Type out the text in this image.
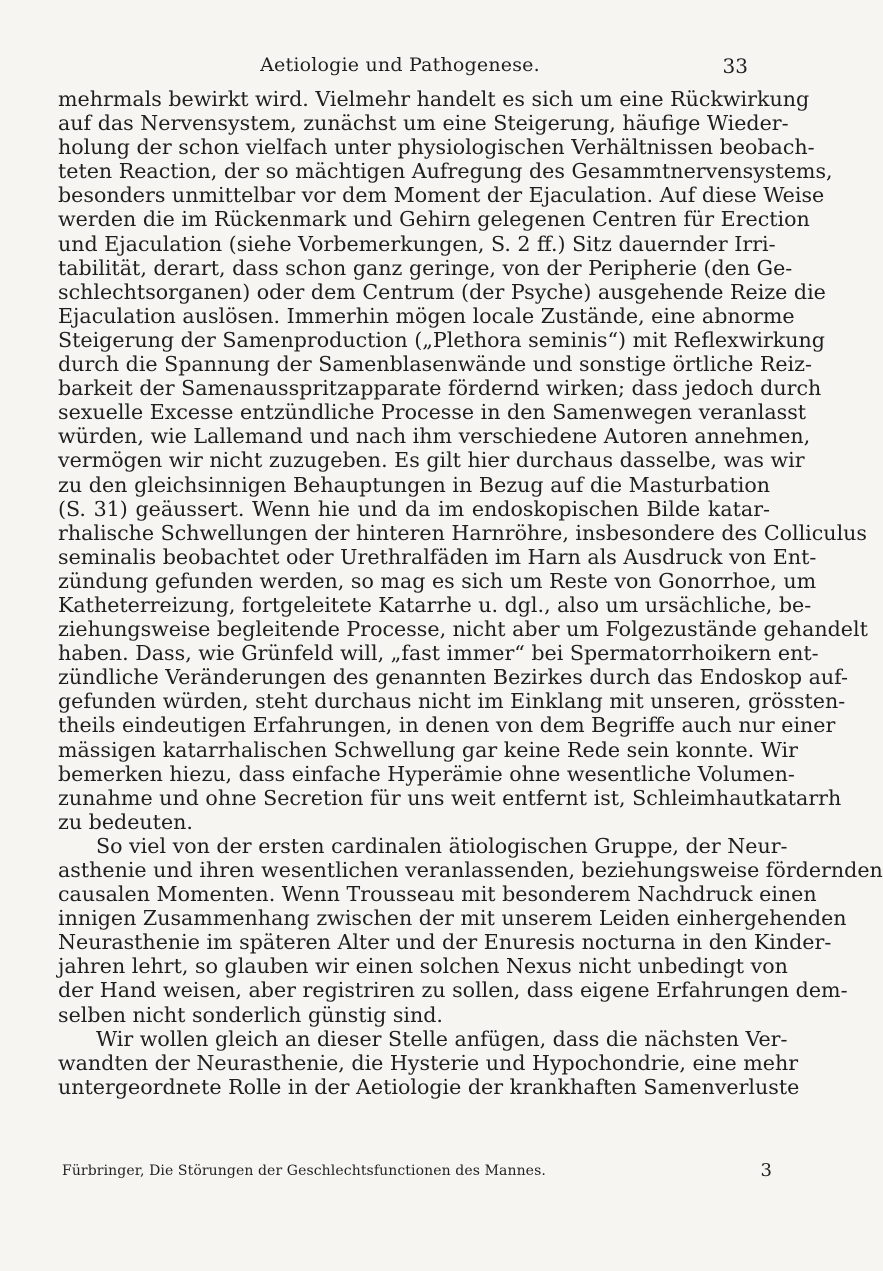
Aetiologie und Pathogenese.	33
mehrmals bewirkt wird. Vielmehr handelt es sich um eine Rückwirkung
auf das Nervensystem, zunächst um eine Steigerung, häufige Wieder-
holung der schon vielfach unter physiologischen Verhältnissen beobach-
teten Reaction, der so mächtigen Aufregung des Gesammtnervensystems,
besonders unmittelbar vor dem Moment der Ejaculation. Auf diese Weise
werden die im Rückenmark und Gehirn gelegenen Centren für Erection
und Ejaculation (siehe Vorbemerkungen, S. 2 ff.) Sitz dauernder Irri-
tabilität, derart, dass schon ganz geringe, von der Peripherie (den Ge-
schlechtsorganen) oder dem Centrum (der Psyche) ausgehende Reize die
Ejaculation auslösen. Immerhin mögen locale Zustände, eine abnorme
Steigerung der Samenproduction („Plethora seminis“) mit Reflexwirkung
durch die Spannung der Samenblasenwände und sonstige örtliche Reiz-
barkeit der Samenausspritzapparate fördernd wirken; dass jedoch durch
sexuelle Excesse entzündliche Processe in den Samenwegen veranlasst
würden, wie Lallemand und nach ihm verschiedene Autoren annehmen,
vermögen wir nicht zuzugeben. Es gilt hier durchaus dasselbe, was wir
zu den gleichsinnigen Behauptungen in Bezug auf die Masturbation
(S. 31) geäussert. Wenn hie und da im endoskopischen Bilde katar-
rhalische Schwellungen der hinteren Harnröhre, insbesondere des Colliculus
seminalis beobachtet oder Urethralfäden im Harn als Ausdruck von Ent-
zündung gefunden werden, so mag es sich um Reste von Gonorrhoe, um
Katheterreizung, fortgeleitete Katarrhe u. dgl., also um ursächliche, be-
ziehungsweise begleitende Processe, nicht aber um Folgezustände gehandelt
haben. Dass, wie Grünfeld will, „fast immer“ bei Spermatorrhoikern ent-
zündliche Veränderungen des genannten Bezirkes durch das Endoskop auf-
gefunden würden, steht durchaus nicht im Einklang mit unseren, grössten-
theils eindeutigen Erfahrungen, in denen von dem Begriffe auch nur einer
mässigen katarrhalischen Schwellung gar keine Rede sein konnte. Wir
bemerken hiezu, dass einfache Hyperämie ohne wesentliche Volumen-
zunahme und ohne Secretion für uns weit entfernt ist, Schleimhautkatarrh
zu bedeuten.
So viel von der ersten cardinalen ätiologischen Gruppe, der Neur-
asthenie und ihren wesentlichen veranlassenden, beziehungsweise fördernden
causalen Momenten. Wenn Trousseau mit besonderem Nachdruck einen
innigen Zusammenhang zwischen der mit unserem Leiden einhergehenden
Neurasthenie im späteren Alter und der Enuresis nocturna in den Kinder-
jahren lehrt, so glauben wir einen solchen Nexus nicht unbedingt von
der Hand weisen, aber registriren zu sollen, dass eigene Erfahrungen dem-
selben nicht sonderlich günstig sind.
Wir wollen gleich an dieser Stelle anfügen, dass die nächsten Ver-
wandten der Neurasthenie, die Hysterie und Hypochondrie, eine mehr
untergeordnete Rolle in der Aetiologie der krankhaften Samenverluste
Fürbringer, Die Störungen der Geschlechtsfunctionen des Mannes.	3
